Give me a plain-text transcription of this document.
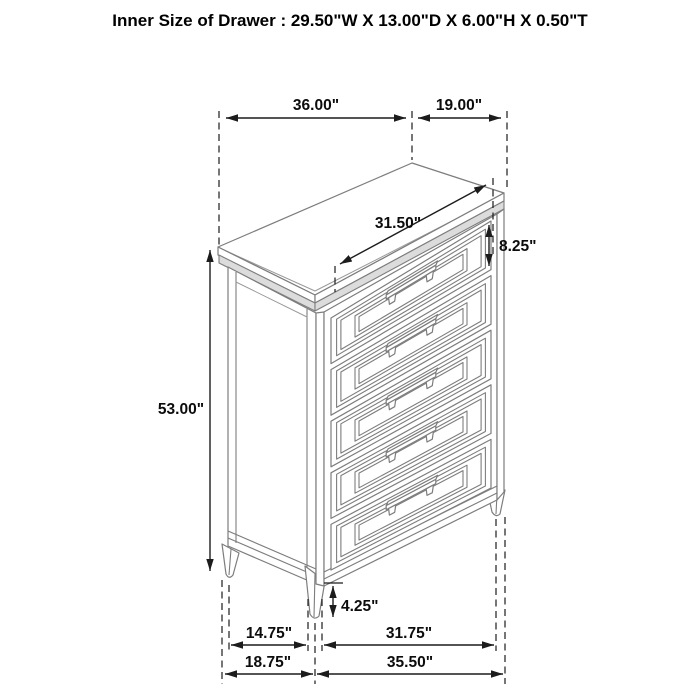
Inner Size of Drawer : 29.50"W X 13.00"D X 6.00"H X 0.50"T
36.00"	19.00"
31.50"
8.25"
53.00"
4.25"
14.75"	31.75"
18.75"	35.50"
